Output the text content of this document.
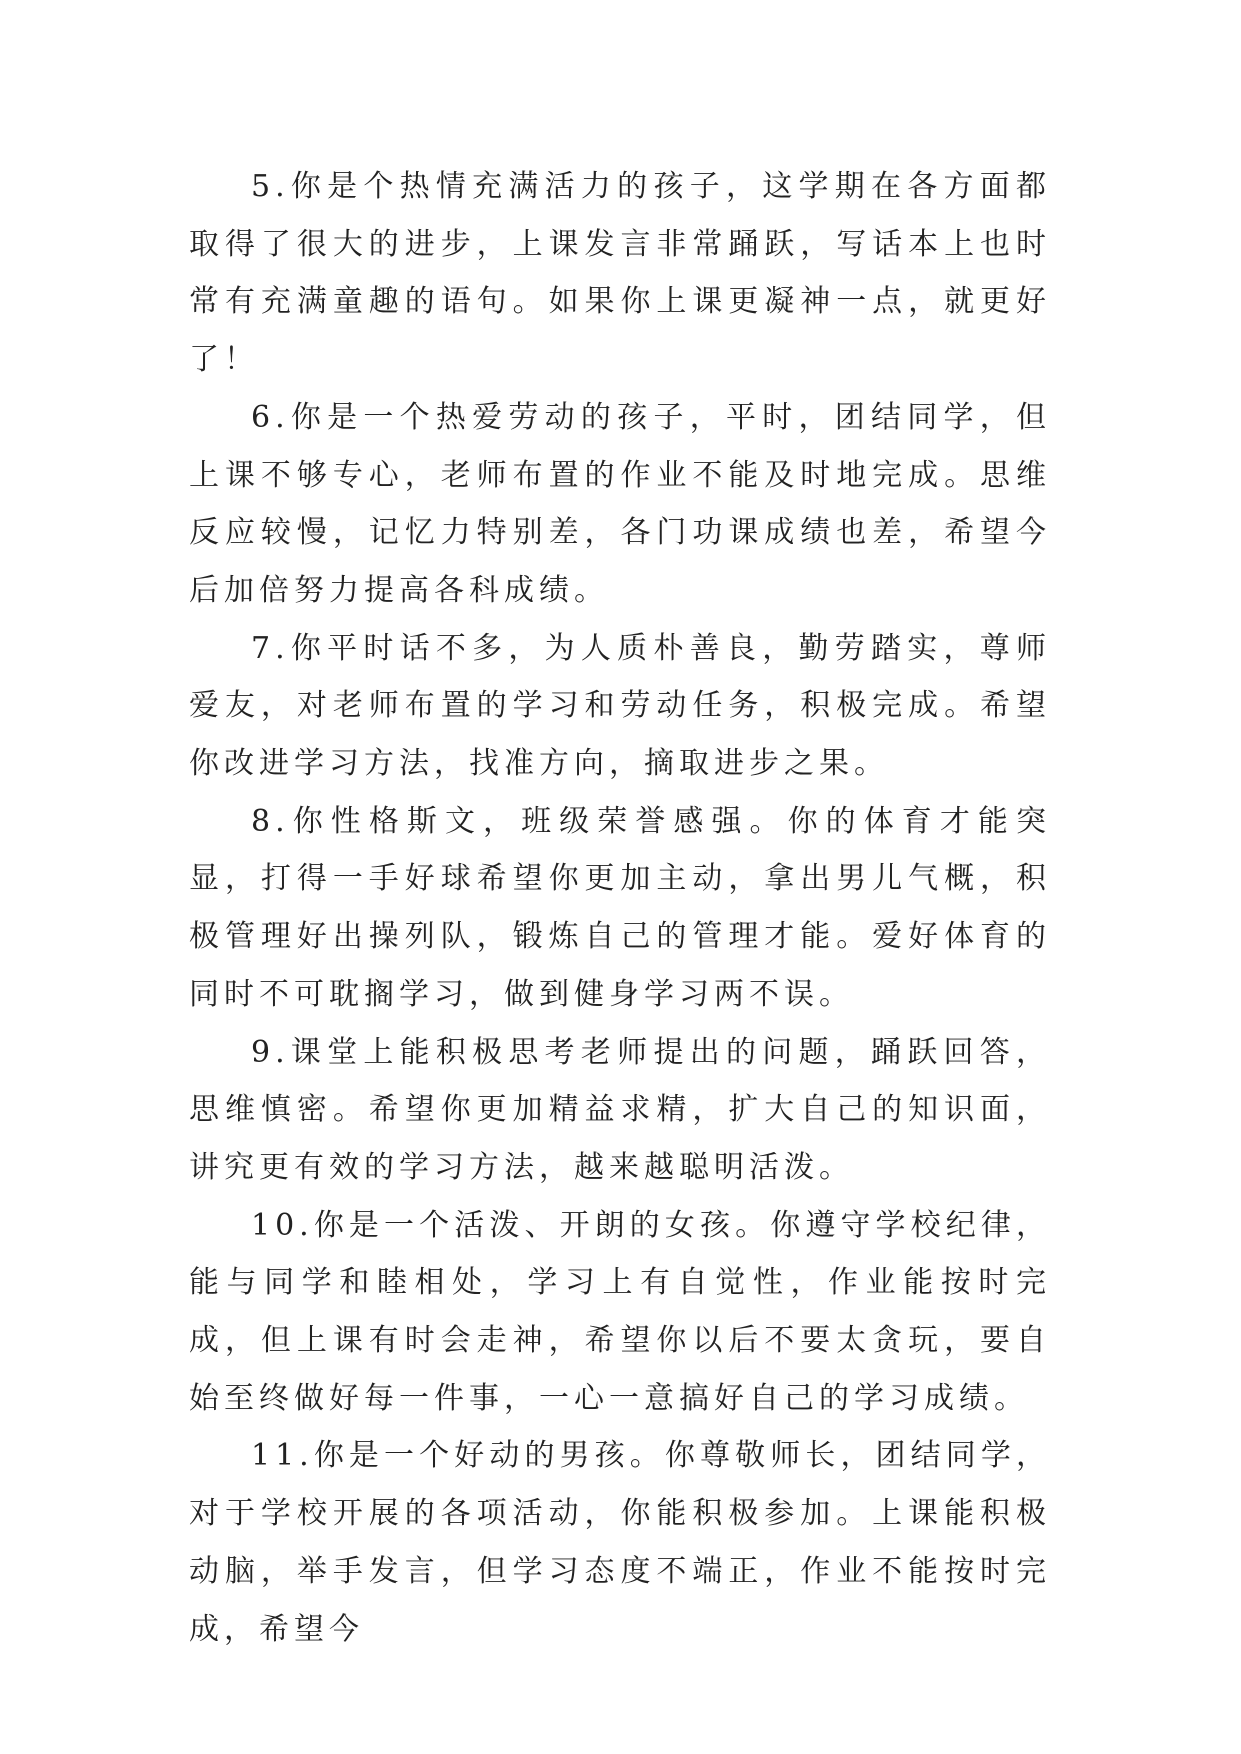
5.你是个热情充满活力的孩子，这学期在各方面都取得了很大的进步，上课发言非常踊跃，写话本上也时常有充满童趣的语句。如果你上课更凝神一点，就更好了！

6.你是一个热爱劳动的孩子，平时，团结同学，但上课不够专心，老师布置的作业不能及时地完成。思维反应较慢，记忆力特别差，各门功课成绩也差，希望今后加倍努力提高各科成绩。

7.你平时话不多，为人质朴善良，勤劳踏实，尊师爱友，对老师布置的学习和劳动任务，积极完成。希望你改进学习方法，找准方向，摘取进步之果。

8.你性格斯文，班级荣誉感强。你的体育才能突显，打得一手好球希望你更加主动，拿出男儿气概，积极管理好出操列队，锻炼自己的管理才能。爱好体育的同时不可耽搁学习，做到健身学习两不误。

9.课堂上能积极思考老师提出的问题，踊跃回答，思维慎密。希望你更加精益求精，扩大自己的知识面，讲究更有效的学习方法，越来越聪明活泼。

10.你是一个活泼、开朗的女孩。你遵守学校纪律，能与同学和睦相处，学习上有自觉性，作业能按时完成，但上课有时会走神，希望你以后不要太贪玩，要自始至终做好每一件事，一心一意搞好自己的学习成绩。

11.你是一个好动的男孩。你尊敬师长，团结同学，对于学校开展的各项活动，你能积极参加。上课能积极动脑，举手发言，但学习态度不端正，作业不能按时完成，希望今
